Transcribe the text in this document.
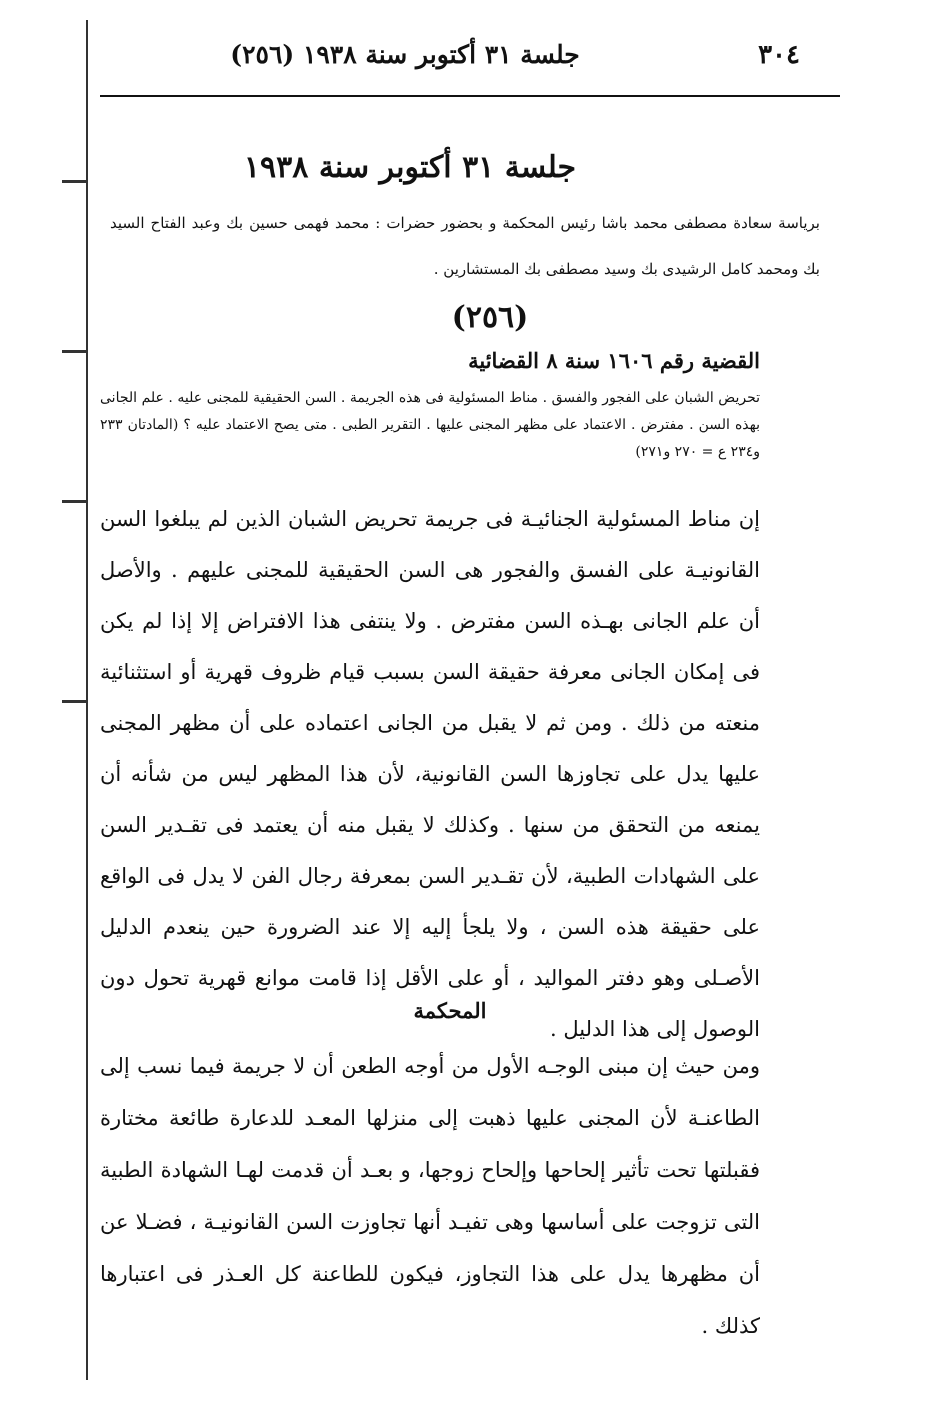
٣٠٤
جلسة ٣١ أكتوبر سنة ١٩٣٨ (٢٥٦)
جلسة ٣١ أكتوبر سنة ١٩٣٨
برياسة سعادة مصطفى محمد باشا رئيس المحكمة و بحضور حضرات : محمد فهمى حسين بك وعبد الفتاح السيد بك ومحمد كامل الرشيدى بك وسيد مصطفى بك المستشارين .
(٢٥٦)
القضية رقم ١٦٠٦ سنة ٨ القضائية
تحريض الشبان على الفجور والفسق . مناط المسئولية فى هذه الجريمة . السن الحقيقية للمجنى عليه . علم الجانى بهذه السن . مفترض . الاعتماد على مظهر المجنى عليها . التقرير الطبى . متى يصح الاعتماد عليه ؟ (المادتان ٢٣٣ و٢٣٤ ع = ٢٧٠ و٢٧١)
إن مناط المسئولية الجنائيـة فى جريمة تحريض الشبان الذين لم يبلغوا السن القانونيـة على الفسق والفجور هى السن الحقيقية للمجنى عليهم . والأصل أن علم الجانى بهـذه السن مفترض . ولا ينتفى هذا الافتراض إلا إذا لم يكن فى إمكان الجانى معرفة حقيقة السن بسبب قيام ظروف قهرية أو استثنائية منعته من ذلك . ومن ثم لا يقبل من الجانى اعتماده على أن مظهر المجنى عليها يدل على تجاوزها السن القانونية، لأن هذا المظهر ليس من شأنه أن يمنعه من التحقق من سنها . وكذلك لا يقبل منه أن يعتمد فى تقـدير السن على الشهادات الطبية، لأن تقـدير السن بمعرفة رجال الفن لا يدل فى الواقع على حقيقة هذه السن ، ولا يلجأ إليه إلا عند الضرورة حين ينعدم الدليل الأصـلى وهو دفتر المواليد ، أو على الأقل إذا قامت موانع قهرية تحول دون الوصول إلى هذا الدليل .
المحكمة
ومن حيث إن مبنى الوجـه الأول من أوجه الطعن أن لا جريمة فيما نسب إلى الطاعنـة لأن المجنى عليها ذهبت إلى منزلها المعـد للدعارة طائعة مختارة فقبلتها تحت تأثير إلحاحها وإلحاح زوجها، و بعـد أن قدمت لهـا الشهادة الطبية التى تزوجت على أساسها وهى تفيـد أنها تجاوزت السن القانونيـة ، فضـلا عن أن مظهرها يدل على هذا التجاوز، فيكون للطاعنة كل العـذر فى اعتبارها كذلك .
